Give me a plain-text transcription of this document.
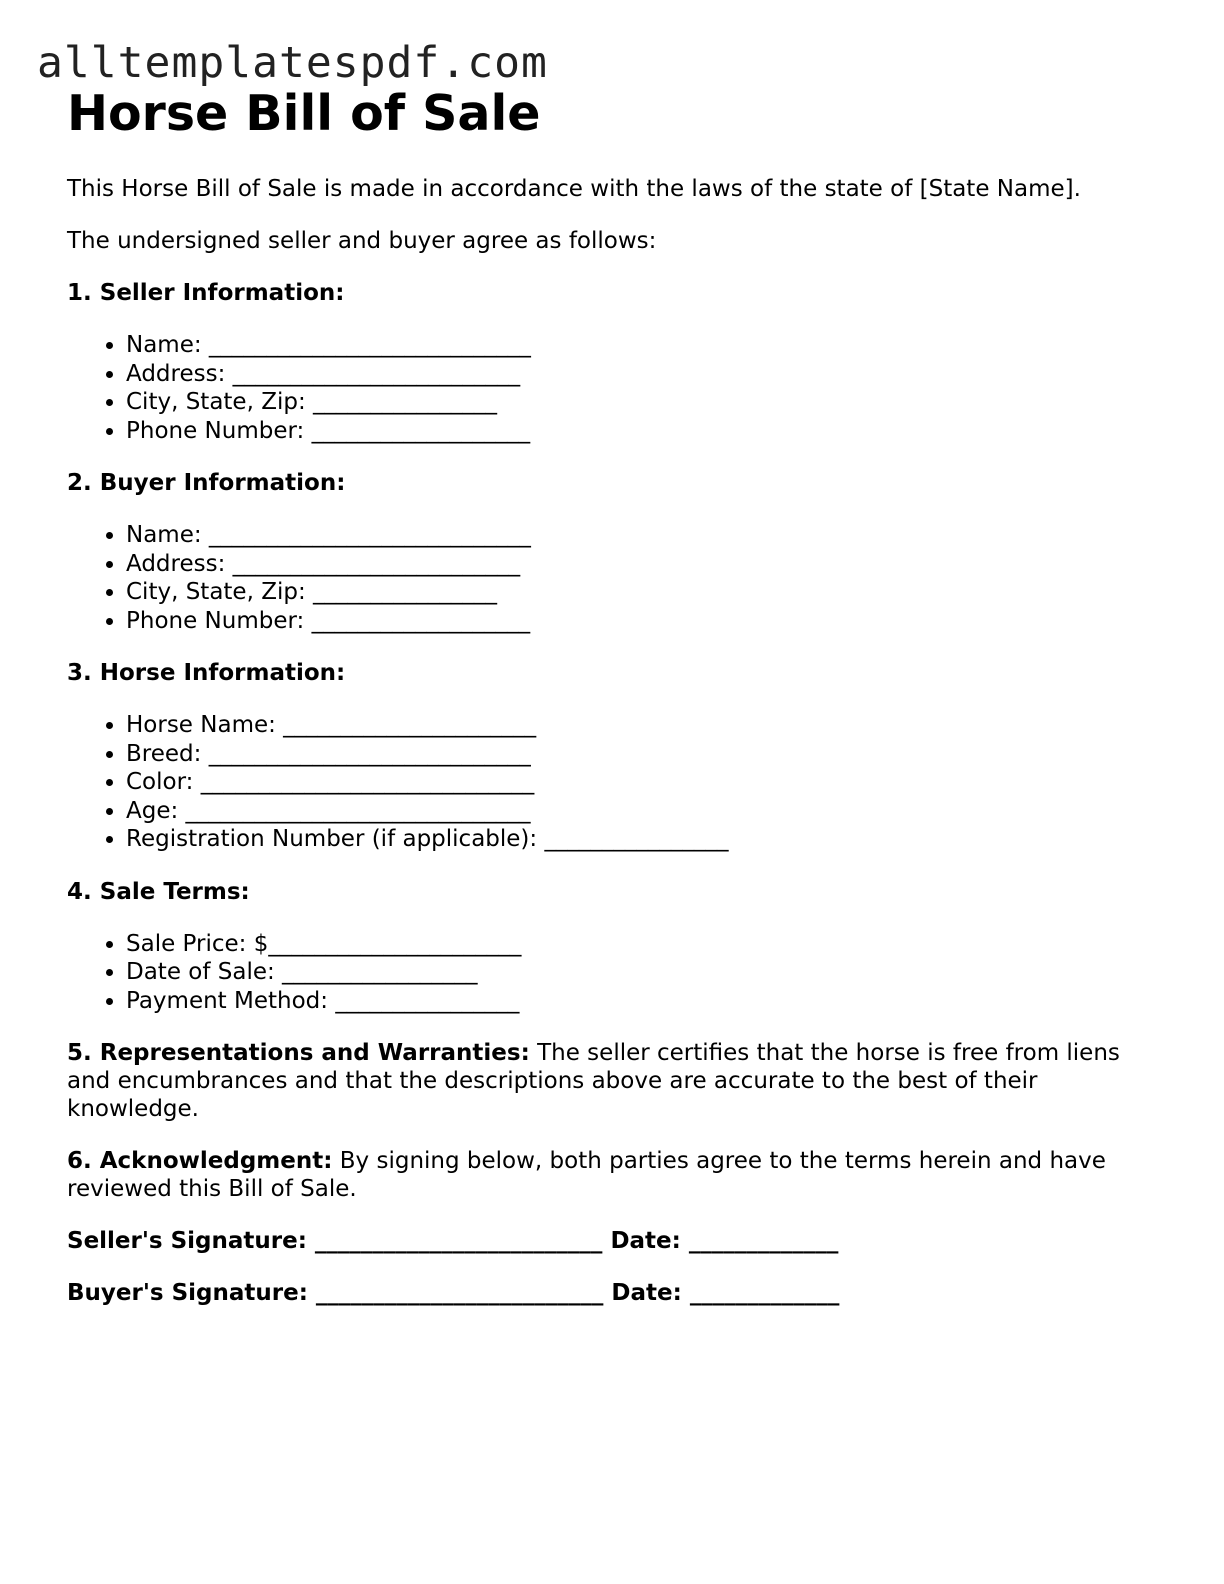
alltemplatespdf.com
Horse Bill of Sale

This Horse Bill of Sale is made in accordance with the laws of the state of [State Name].

The undersigned seller and buyer agree as follows:

1. Seller Information:

• Name: ____________________________
• Address: _________________________
• City, State, Zip: ________________
• Phone Number: ___________________

2. Buyer Information:

• Name: ____________________________
• Address: _________________________
• City, State, Zip: ________________
• Phone Number: ___________________

3. Horse Information:

• Horse Name: ______________________
• Breed: ____________________________
• Color: _____________________________
• Age: ______________________________
• Registration Number (if applicable): ________________

4. Sale Terms:

• Sale Price: $______________________
• Date of Sale: _________________
• Payment Method: ________________

5. Representations and Warranties: The seller certifies that the horse is free from liens and encumbrances and that the descriptions above are accurate to the best of their knowledge.

6. Acknowledgment: By signing below, both parties agree to the terms herein and have reviewed this Bill of Sale.

Seller's Signature: _________________________ Date: _____________

Buyer's Signature: _________________________ Date: _____________
